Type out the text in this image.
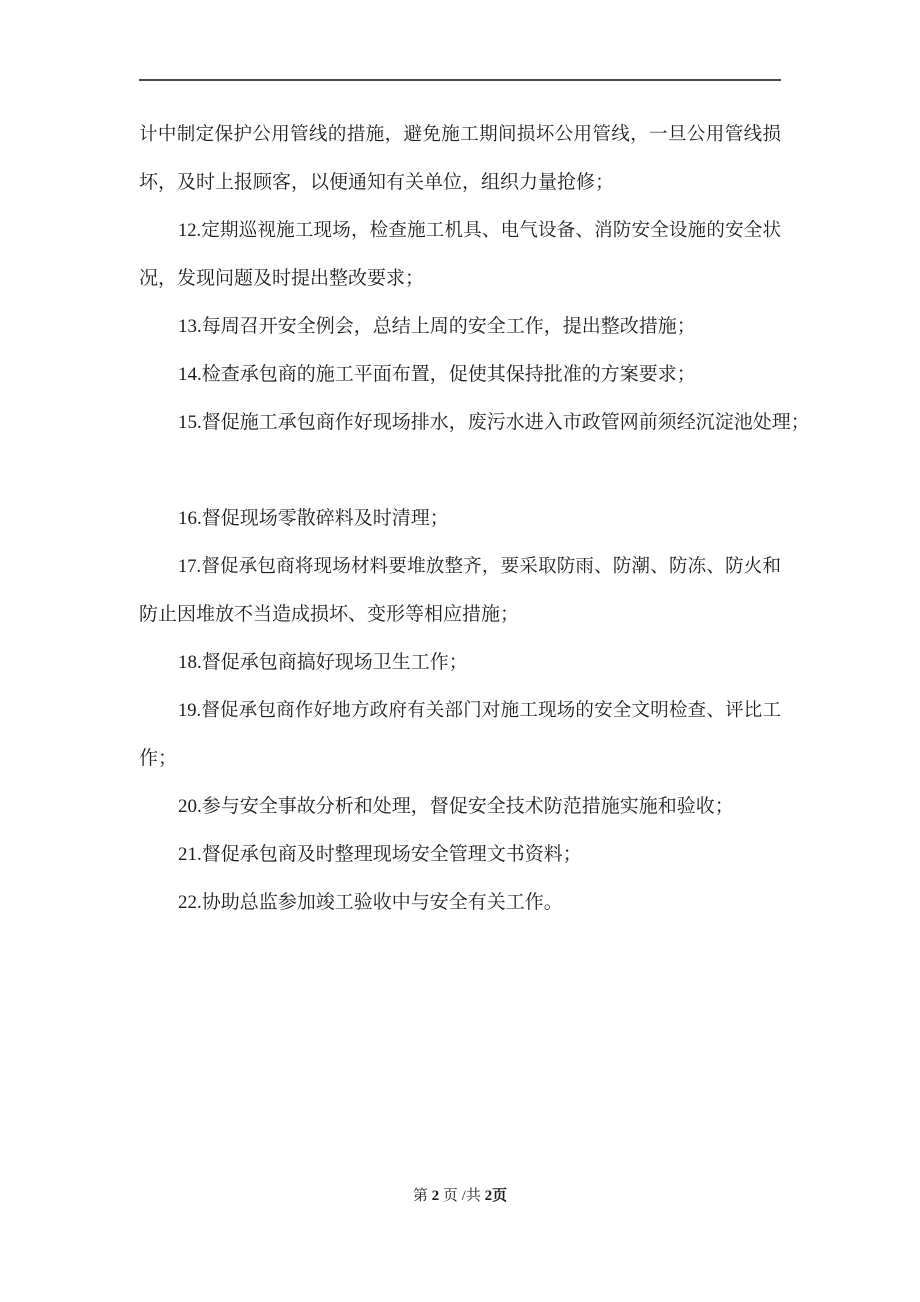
计中制定保护公用管线的措施，避免施工期间损坏公用管线，一旦公用管线损
坏，及时上报顾客，以便通知有关单位，组织力量抢修；
12.定期巡视施工现场，检查施工机具、电气设备、消防安全设施的安全状
况，发现问题及时提出整改要求；
13.每周召开安全例会，总结上周的安全工作，提出整改措施；
14.检查承包商的施工平面布置，促使其保持批准的方案要求；
15.督促施工承包商作好现场排水，废污水进入市政管网前须经沉淀池处理；
16.督促现场零散碎料及时清理；
17.督促承包商将现场材料要堆放整齐，要采取防雨、防潮、防冻、防火和
防止因堆放不当造成损坏、变形等相应措施；
18.督促承包商搞好现场卫生工作；
19.督促承包商作好地方政府有关部门对施工现场的安全文明检查、评比工
作；
20.参与安全事故分析和处理，督促安全技术防范措施实施和验收；
21.督促承包商及时整理现场安全管理文书资料；
22.协助总监参加竣工验收中与安全有关工作。
第 2 页 /共 2页
